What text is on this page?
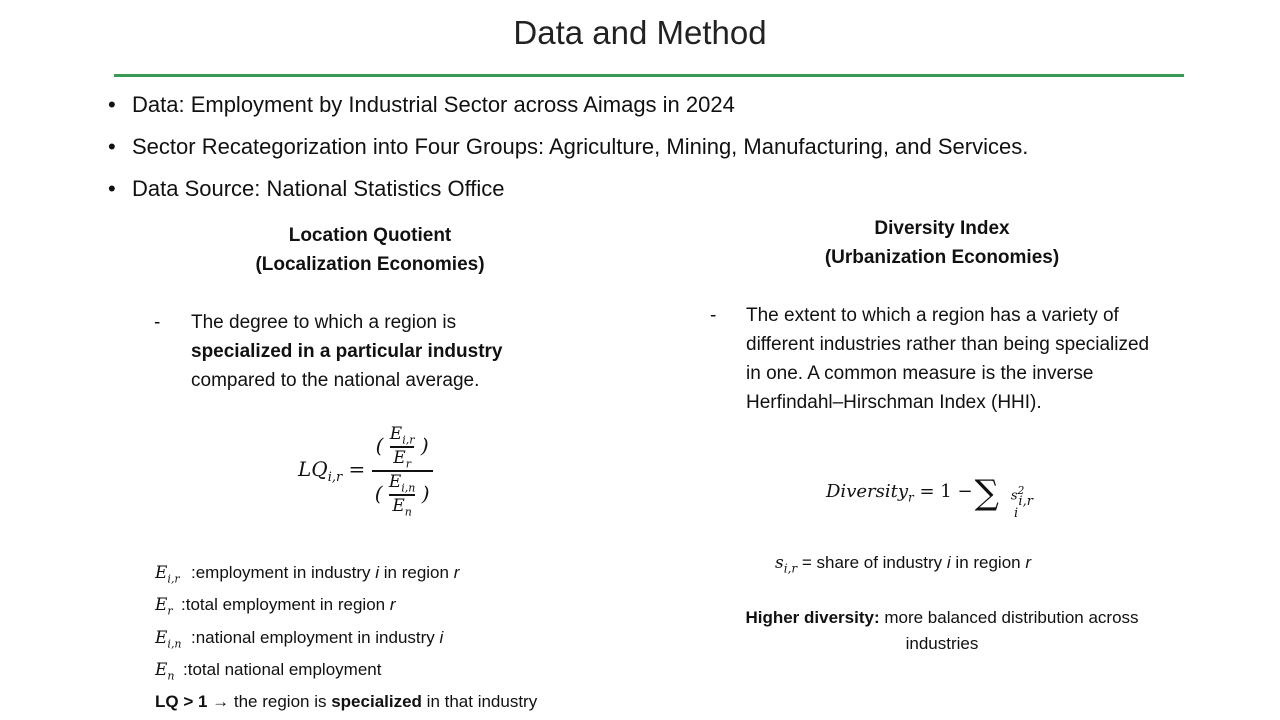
Data and Method
• Data: Employment by Industrial Sector across Aimags in 2024
• Sector Recategorization into Four Groups: Agriculture, Mining, Manufacturing, and Services.
• Data Source: National Statistics Office
Location Quotient
(Localization Economies)
- The degree to which a region is
specialized in a particular industry
compared to the national average.
$LQ_{i,r} = \frac{( \frac{E_{i,r}}{E_r} )}{( \frac{E_{i,n}}{E_n} )}$
$E_{i,r}$ :employment in industry i in region r
$E_r$ :total employment in region r
$E_{i,n}$ :national employment in industry i
$E_n$ :total national employment
LQ > 1 → the region is specialized in that industry
Diversity Index
(Urbanization Economies)
- The extent to which a region has a variety of different industries rather than being specialized in one. A common measure is the inverse Herfindahl–Hirschman Index (HHI).
Diversity$_r$ = 1 − ∑ $s^2$
i,r
i
$s_{i,r}$ = share of industry i in region r
Higher diversity: more balanced distribution across industries
